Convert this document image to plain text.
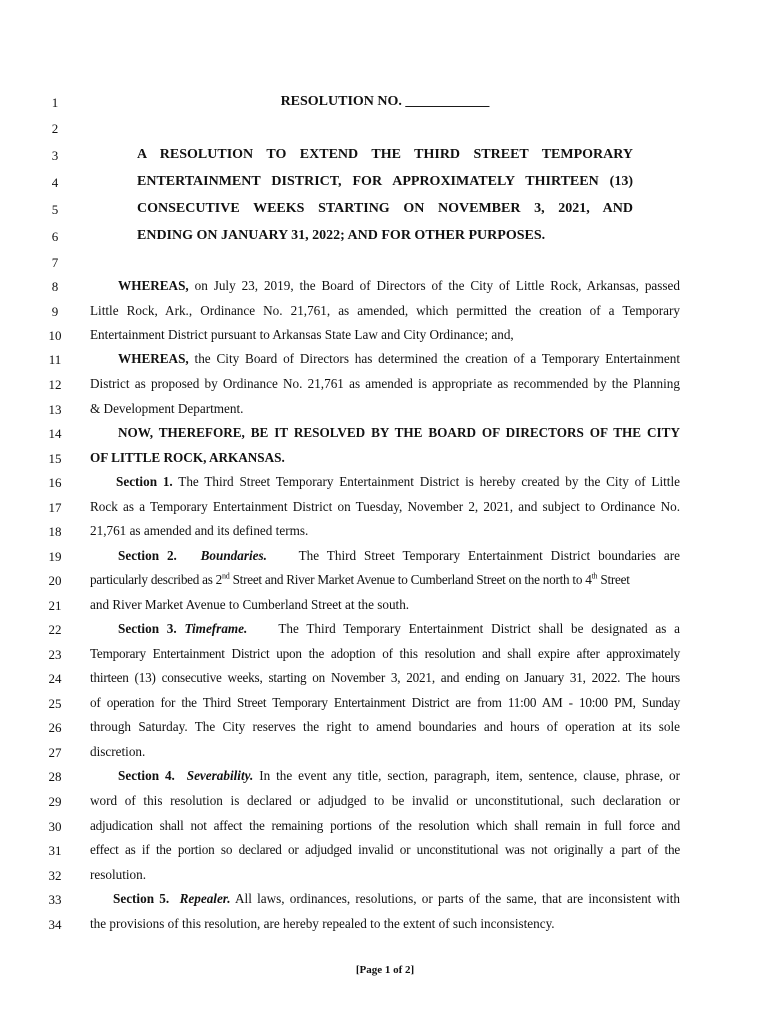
1
2
3
4
5
6
7
8
9
10
11
12
13
14
15
16
17
18
19
20
21
22
23
24
25
26
27
28
29
30
31
32
33
34
RESOLUTION NO. ____________
A RESOLUTION TO EXTEND THE THIRD STREET TEMPORARY
ENTERTAINMENT DISTRICT, FOR APPROXIMATELY THIRTEEN (13)
CONSECUTIVE WEEKS STARTING ON NOVEMBER 3, 2021, AND
ENDING ON JANUARY 31, 2022; AND FOR OTHER PURPOSES.
WHEREAS, on July 23, 2019, the Board of Directors of the City of Little Rock, Arkansas, passed
Little Rock, Ark., Ordinance No. 21,761, as amended, which permitted the creation of a Temporary
Entertainment District pursuant to Arkansas State Law and City Ordinance; and,
WHEREAS, the City Board of Directors has determined the creation of a Temporary Entertainment
District as proposed by Ordinance No. 21,761 as amended is appropriate as recommended by the Planning
& Development Department.
NOW, THEREFORE, BE IT RESOLVED BY THE BOARD OF DIRECTORS OF THE CITY
OF LITTLE ROCK, ARKANSAS.
Section 1. The Third Street Temporary Entertainment District is hereby created by the City of Little
Rock as a Temporary Entertainment District on Tuesday, November 2, 2021, and subject to Ordinance No.
21,761 as amended and its defined terms.
Section 2. Boundaries. The Third Street Temporary Entertainment District boundaries are
particularly described as 2nd Street and River Market Avenue to Cumberland Street on the north to 4th Street
and River Market Avenue to Cumberland Street at the south.
Section 3. Timeframe. The Third Temporary Entertainment District shall be designated as a
Temporary Entertainment District upon the adoption of this resolution and shall expire after approximately
thirteen (13) consecutive weeks, starting on November 3, 2021, and ending on January 31, 2022. The hours
of operation for the Third Street Temporary Entertainment District are from 11:00 AM - 10:00 PM, Sunday
through Saturday. The City reserves the right to amend boundaries and hours of operation at its sole
discretion.
Section 4. Severability. In the event any title, section, paragraph, item, sentence, clause, phrase, or
word of this resolution is declared or adjudged to be invalid or unconstitutional, such declaration or
adjudication shall not affect the remaining portions of the resolution which shall remain in full force and
effect as if the portion so declared or adjudged invalid or unconstitutional was not originally a part of the
resolution.
Section 5. Repealer. All laws, ordinances, resolutions, or parts of the same, that are inconsistent with
the provisions of this resolution, are hereby repealed to the extent of such inconsistency.
[Page 1 of 2]
